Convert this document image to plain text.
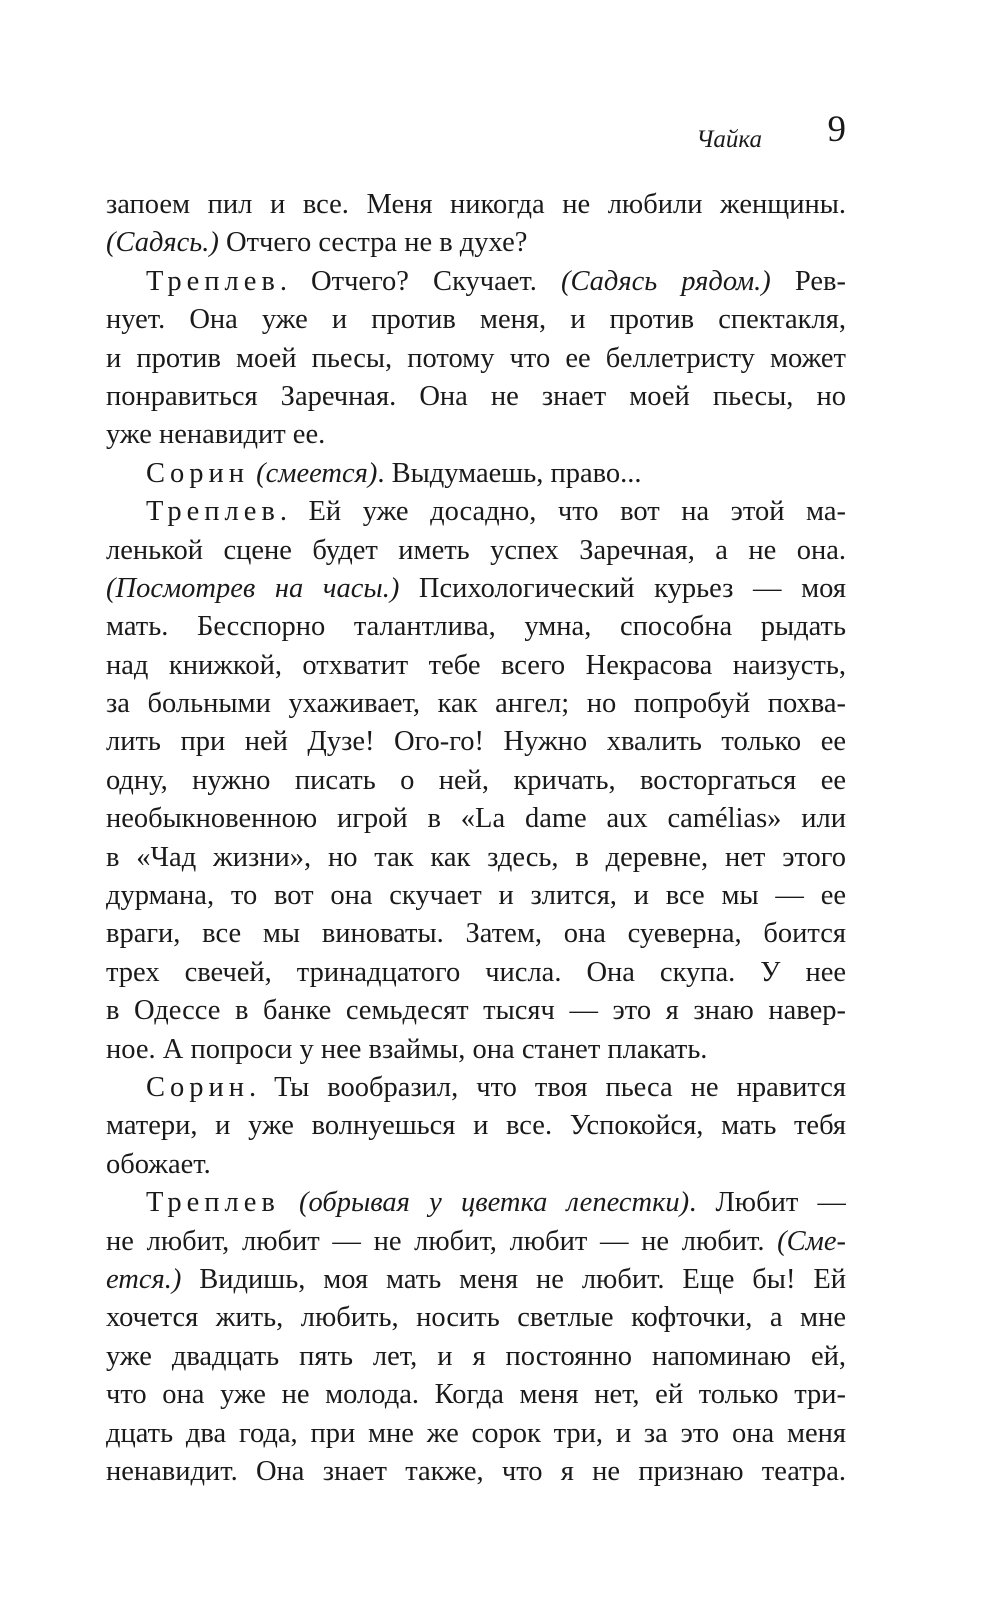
Чайка 9
запоем пил и все. Меня никогда не любили женщины.
(Садясь.) Отчего сестра не в духе?
Треплев. Отчего? Скучает. (Садясь рядом.) Рев-
нует. Она уже и против меня, и против спектакля,
и против моей пьесы, потому что ее беллетристу может
понравиться Заречная. Она не знает моей пьесы, но
уже ненавидит ее.
Сорин (смеется). Выдумаешь, право...
Треплев. Ей уже досадно, что вот на этой ма-
ленькой сцене будет иметь успех Заречная, а не она.
(Посмотрев на часы.) Психологический курьез — моя
мать. Бесспорно талантлива, умна, способна рыдать
над книжкой, отхватит тебе всего Некрасова наизусть,
за больными ухаживает, как ангел; но попробуй похва-
лить при ней Дузе! Ого-го! Нужно хвалить только ее
одну, нужно писать о ней, кричать, восторгаться ее
необыкновенною игрой в «La dame aux camélias» или
в «Чад жизни», но так как здесь, в деревне, нет этого
дурмана, то вот она скучает и злится, и все мы — ее
враги, все мы виноваты. Затем, она суеверна, боится
трех свечей, тринадцатого числа. Она скупа. У нее
в Одессе в банке семьдесят тысяч — это я знаю навер-
ное. А попроси у нее взаймы, она станет плакать.
Сорин. Ты вообразил, что твоя пьеса не нравится
матери, и уже волнуешься и все. Успокойся, мать тебя
обожает.
Треплев (обрывая у цветка лепестки). Любит —
не любит, любит — не любит, любит — не любит. (Сме-
ется.) Видишь, моя мать меня не любит. Еще бы! Ей
хочется жить, любить, носить светлые кофточки, а мне
уже двадцать пять лет, и я постоянно напоминаю ей,
что она уже не молода. Когда меня нет, ей только три-
дцать два года, при мне же сорок три, и за это она меня
ненавидит. Она знает также, что я не признаю театра.
